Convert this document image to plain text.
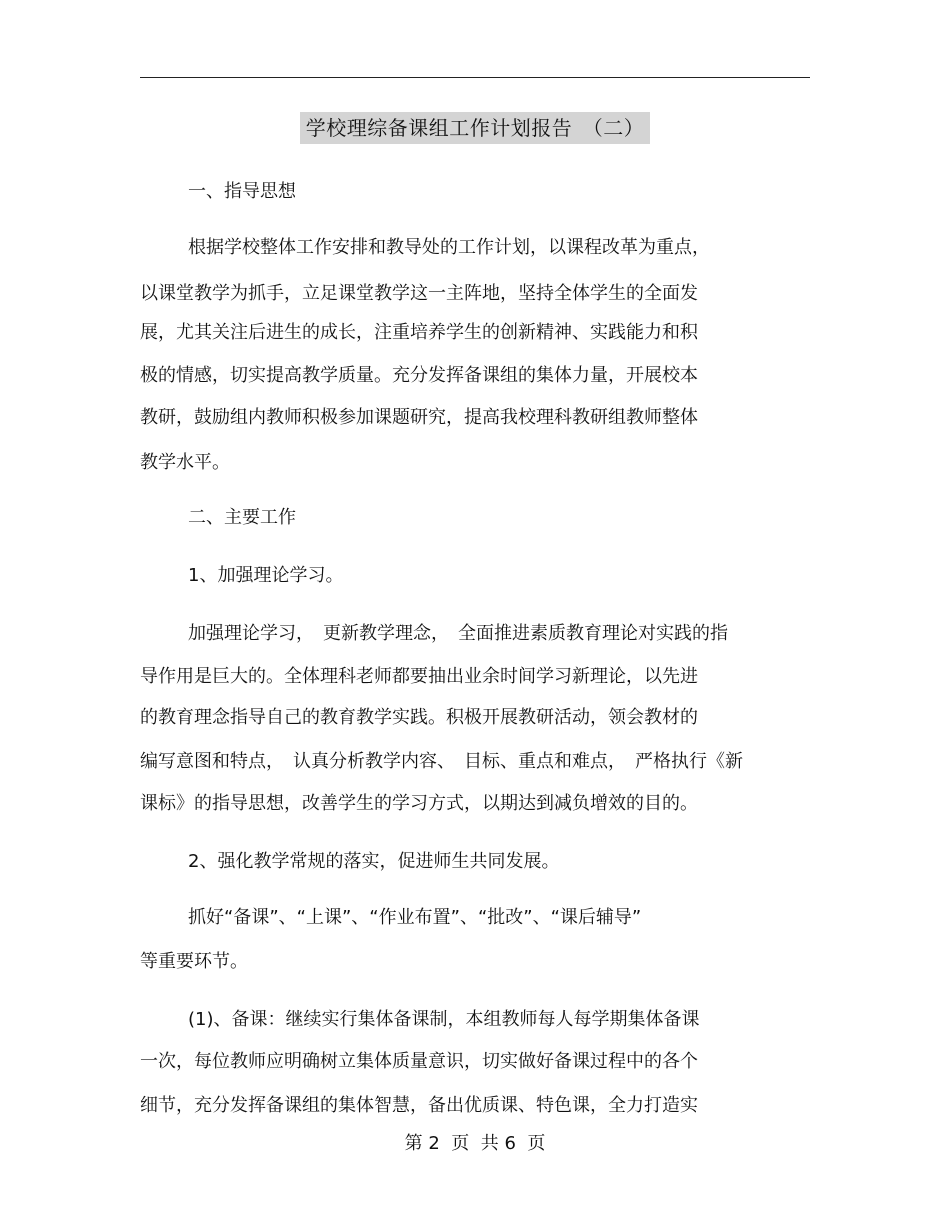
学校理综备课组工作计划报告　（二）
一、指导思想
根据学校整体工作安排和教导处的工作计划，以课程改革为重点，
以课堂教学为抓手，立足课堂教学这一主阵地，坚持全体学生的全面发
展，尤其关注后进生的成长，注重培养学生的创新精神、实践能力和积
极的情感，切实提高教学质量。充分发挥备课组的集体力量，开展校本
教研，鼓励组内教师积极参加课题研究，提高我校理科教研组教师整体
教学水平。
二、主要工作
1、加强理论学习。
加强理论学习，　更新教学理念，　全面推进素质教育理论对实践的指
导作用是巨大的。全体理科老师都要抽出业余时间学习新理论，以先进
的教育理念指导自己的教育教学实践。积极开展教研活动，领会教材的
编写意图和特点，　认真分析教学内容、　目标、重点和难点，　严格执行《新
课标》的指导思想，改善学生的学习方式，以期达到减负增效的目的。
2、强化教学常规的落实，促进师生共同发展。
抓好“备课”、“上课”、“作业布置”、“批改”、“课后辅导”
等重要环节。
(1)、备课：继续实行集体备课制，本组教师每人每学期集体备课
一次，每位教师应明确树立集体质量意识，切实做好备课过程中的各个
细节，充分发挥备课组的集体智慧，备出优质课、特色课，全力打造实
第 2  页  共 6  页
